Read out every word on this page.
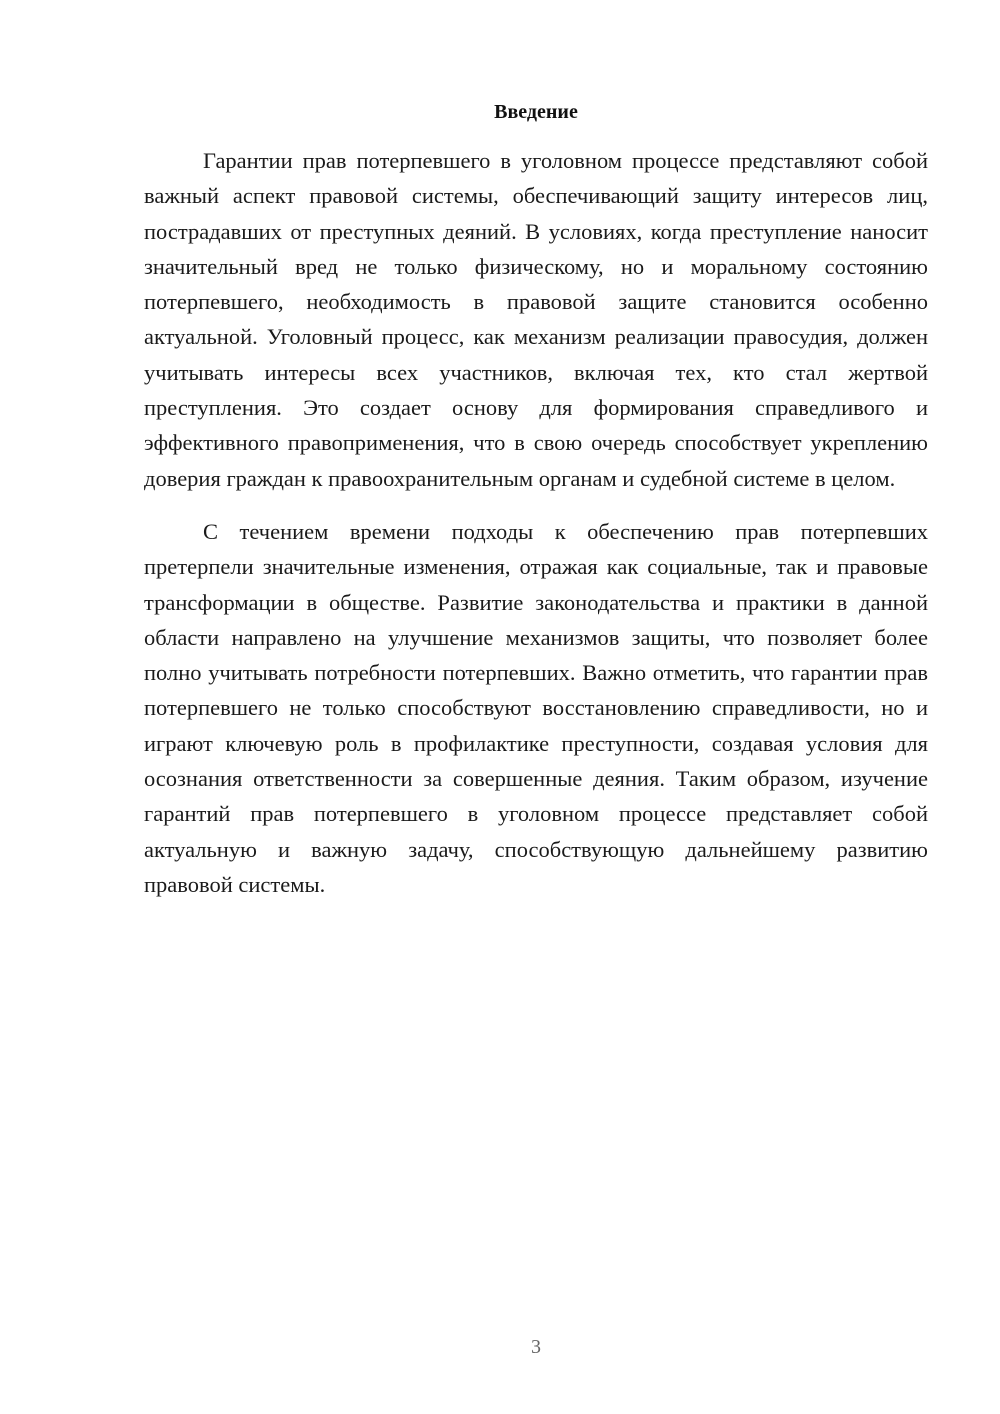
Введение

Гарантии прав потерпевшего в уголовном процессе представляют собой важный аспект правовой системы, обеспечивающий защиту интересов лиц, пострадавших от преступных деяний. В условиях, когда преступление наносит значительный вред не только физическому, но и моральному состоянию потерпевшего, необходимость в правовой защите становится особенно актуальной. Уголовный процесс, как механизм реализации правосудия, должен учитывать интересы всех участников, включая тех, кто стал жертвой преступления. Это создает основу для формирования справедливого и эффективного правоприменения, что в свою очередь способствует укреплению доверия граждан к правоохранительным органам и судебной системе в целом.

С течением времени подходы к обеспечению прав потерпевших претерпели значительные изменения, отражая как социальные, так и правовые трансформации в обществе. Развитие законодательства и практики в данной области направлено на улучшение механизмов защиты, что позволяет более полно учитывать потребности потерпевших. Важно отметить, что гарантии прав потерпевшего не только способствуют восстановлению справедливости, но и играют ключевую роль в профилактике преступности, создавая условия для осознания ответственности за совершенные деяния. Таким образом, изучение гарантий прав потерпевшего в уголовном процессе представляет собой актуальную и важную задачу, способствующую дальнейшему развитию правовой системы.

3
